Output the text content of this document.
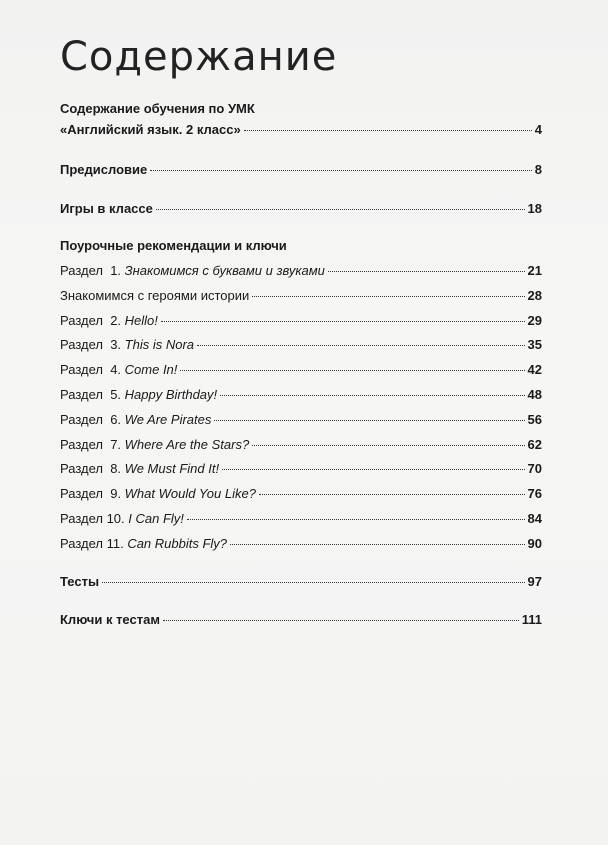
Содержание
Содержание обучения по УМК
«Английский язык. 2 класс»	4
Предисловие	8
Игры в классе	18
Поурочные рекомендации и ключи
Раздел  1. Знакомимся с буквами и звуками	21
Знакомимся с героями истории	28
Раздел  2. Hello!	29
Раздел  3. This is Nora	35
Раздел  4. Come In!	42
Раздел  5. Happy Birthday!	48
Раздел  6. We Are Pirates	56
Раздел  7. Where Are the Stars?	62
Раздел  8. We Must Find It!	70
Раздел  9. What Would You Like?	76
Раздел 10. I Can Fly!	84
Раздел 11. Can Rubbits Fly?	90
Тесты	97
Ключи к тестам	111
